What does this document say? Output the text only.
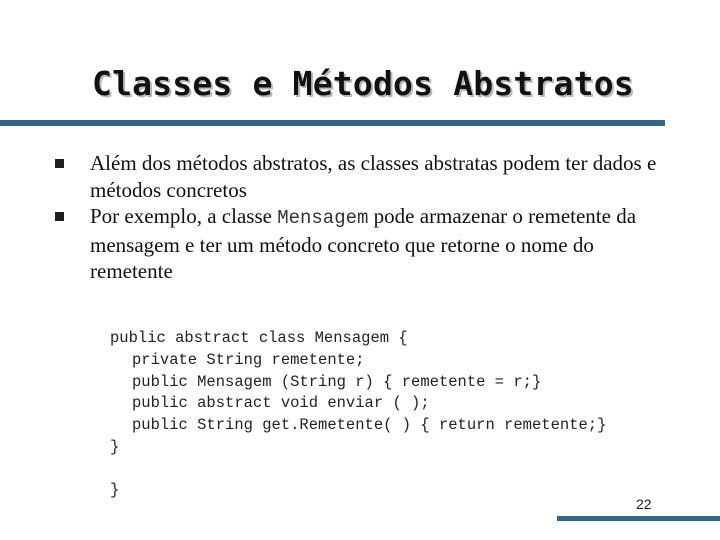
Classes e Métodos Abstratos
Além dos métodos abstratos, as classes abstratas podem ter dados e métodos concretos
Por exemplo, a classe Mensagem pode armazenar o remetente da mensagem e ter um método concreto que retorne o nome do remetente
public abstract class Mensagem {
private String remetente;
public Mensagem (String r) { remetente = r;}
public abstract void enviar ( );
public String get.Remetente( ) { return remetente;}
}
}
22
